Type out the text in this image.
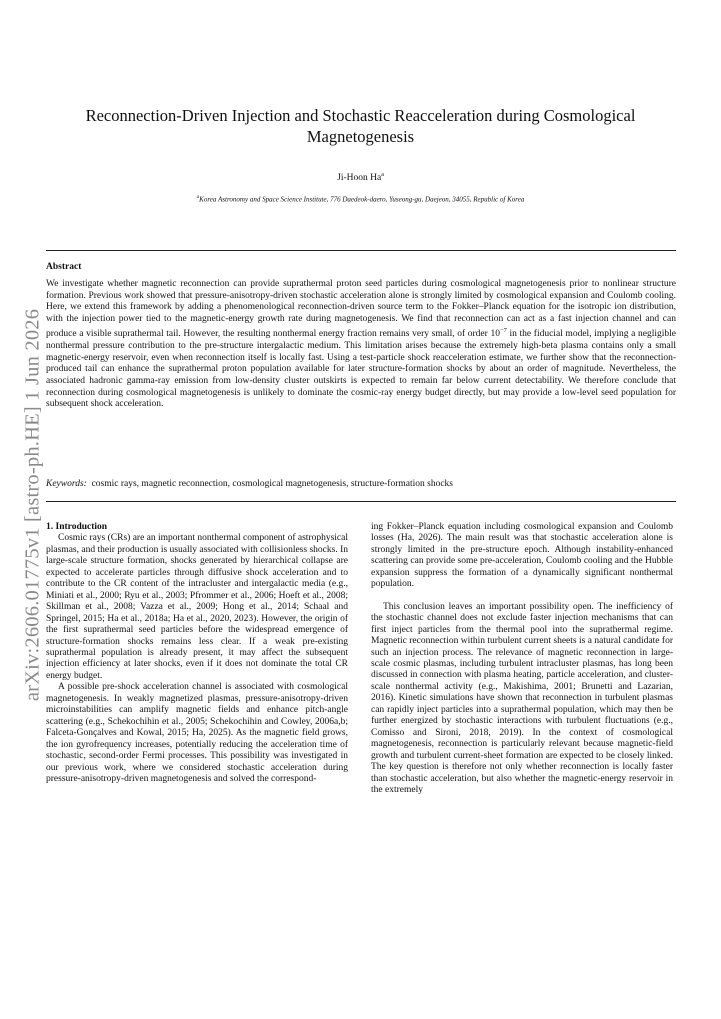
arXiv:2606.01775v1 [astro-ph.HE] 1 Jun 2026
Reconnection-Driven Injection and Stochastic Reacceleration during Cosmological
Magnetogenesis
Ji-Hoon Ha$^a$
$^a$Korea Astronomy and Space Science Institute, 776 Daedeok-daero, Yuseong-gu, Daejeon, 34055, Republic of Korea
Abstract

We investigate whether magnetic reconnection can provide suprathermal proton seed particles during cosmological magnetogenesis prior to nonlinear structure formation. Previous work showed that pressure-anisotropy-driven stochastic acceleration alone is strongly limited by cosmological expansion and Coulomb cooling. Here, we extend this framework by adding a phenomenological reconnection-driven source term to the Fokker–Planck equation for the isotropic ion distribution, with the injection power tied to the magnetic-energy growth rate during magnetogenesis. We find that reconnection can act as a fast injection channel and can produce a visible suprathermal tail. However, the resulting nonthermal energy fraction remains very small, of order $10^{-7}$ in the fiducial model, implying a negligible nonthermal pressure contribution to the pre-structure intergalactic medium. This limitation arises because the extremely high-beta plasma contains only a small magnetic-energy reservoir, even when reconnection itself is locally fast. Using a test-particle shock reacceleration estimate, we further show that the reconnection-produced tail can enhance the suprathermal proton population available for later structure-formation shocks by about an order of magnitude. Nevertheless, the associated hadronic gamma-ray emission from low-density cluster outskirts is expected to remain far below current detectability. We therefore conclude that reconnection during cosmological magnetogenesis is unlikely to dominate the cosmic-ray energy budget directly, but may provide a low-level seed population for subsequent shock acceleration.

Keywords: cosmic rays, magnetic reconnection, cosmological magnetogenesis, structure-formation shocks

1. Introduction

Cosmic rays (CRs) are an important nonthermal component of astrophysical plasmas, and their production is usually associated with collisionless shocks. In large-scale structure formation, shocks generated by hierarchical collapse are expected to accelerate particles through diffusive shock acceleration and to contribute to the CR content of the intracluster and intergalactic media (e.g., Miniati et al., 2000; Ryu et al., 2003; Pfrommer et al., 2006; Hoeft et al., 2008; Skillman et al., 2008; Vazza et al., 2009; Hong et al., 2014; Schaal and Springel, 2015; Ha et al., 2018a; Ha et al., 2020, 2023). However, the origin of the first suprathermal seed particles before the widespread emergence of structure-formation shocks remains less clear. If a weak pre-existing suprathermal population is already present, it may affect the subsequent injection efficiency at later shocks, even if it does not dominate the total CR energy budget.

A possible pre-shock acceleration channel is associated with cosmological magnetogenesis. In weakly magnetized plasmas, pressure-anisotropy-driven microinstabilities can amplify magnetic fields and enhance pitch-angle scattering (e.g., Schekochihin et al., 2005; Schekochihin and Cowley, 2006a,b; Falceta-Gonçalves and Kowal, 2015; Ha, 2025). As the magnetic field grows, the ion gyrofrequency increases, potentially reducing the acceleration time of stochastic, second-order Fermi processes. This possibility was investigated in our previous work, where we considered stochastic acceleration during pressure-anisotropy-driven magnetogenesis and solved the correspond-

ing Fokker–Planck equation including cosmological expansion and Coulomb losses (Ha, 2026). The main result was that stochastic acceleration alone is strongly limited in the pre-structure epoch. Although instability-enhanced scattering can provide some pre-acceleration, Coulomb cooling and the Hubble expansion suppress the formation of a dynamically significant nonthermal population.

This conclusion leaves an important possibility open. The inefficiency of the stochastic channel does not exclude faster injection mechanisms that can first inject particles from the thermal pool into the suprathermal regime. Magnetic reconnection within turbulent current sheets is a natural candidate for such an injection process. The relevance of magnetic reconnection in large-scale cosmic plasmas, including turbulent intracluster plasmas, has long been discussed in connection with plasma heating, particle acceleration, and cluster-scale nonthermal activity (e.g., Makishima, 2001; Brunetti and Lazarian, 2016). Kinetic simulations have shown that reconnection in turbulent plasmas can rapidly inject particles into a suprathermal population, which may then be further energized by stochastic interactions with turbulent fluctuations (e.g., Comisso and Sironi, 2018, 2019). In the context of cosmological magnetogenesis, reconnection is particularly relevant because magnetic-field growth and turbulent current-sheet formation are expected to be closely linked. The key question is therefore not only whether reconnection is locally faster than stochastic acceleration, but also whether the magnetic-energy reservoir in the extremely
